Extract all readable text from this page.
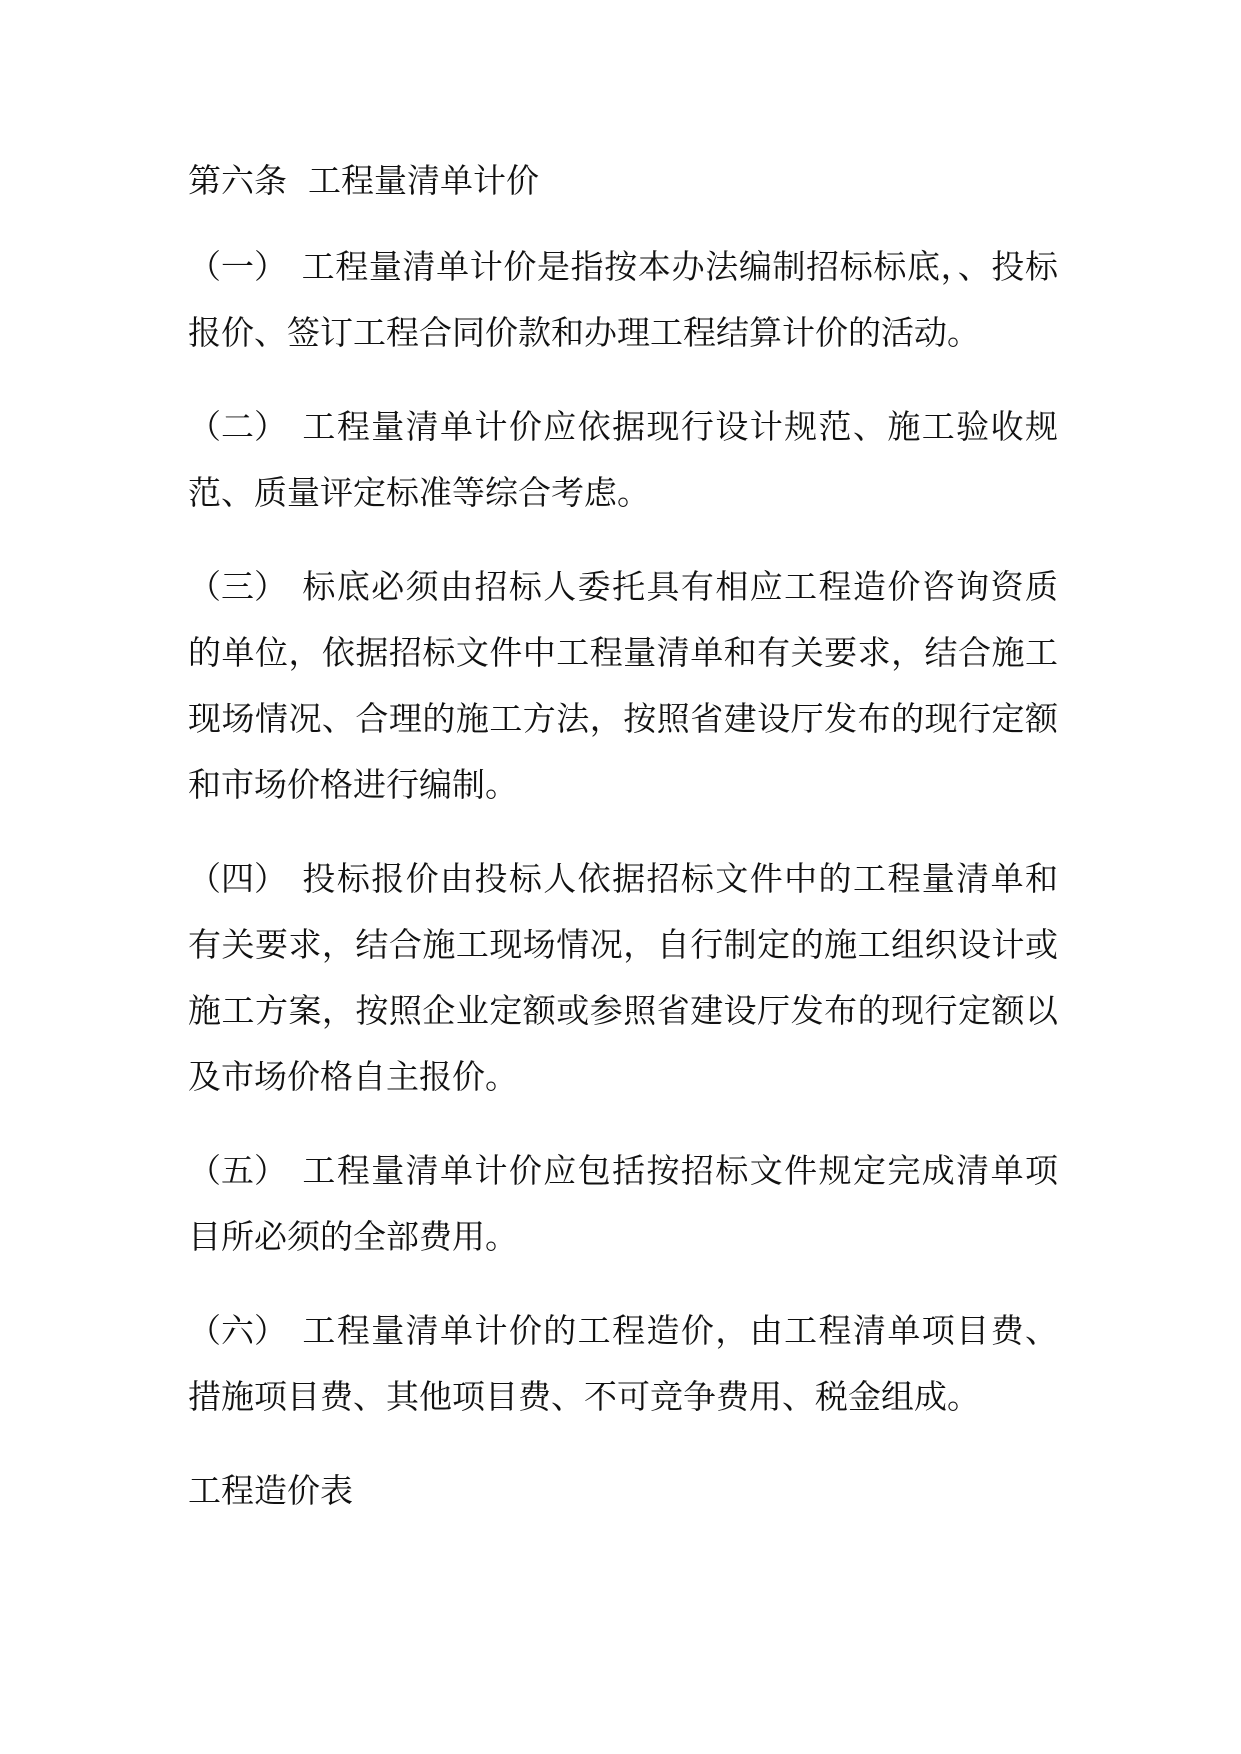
第六条 工程量清单计价

（一） 工程量清单计价是指按本办法编制招标标底，、投标报价、签订工程合同价款和办理工程结算计价的活动。

（二） 工程量清单计价应依据现行设计规范、施工验收规范、质量评定标准等综合考虑。

（三） 标底必须由招标人委托具有相应工程造价咨询资质的单位，依据招标文件中工程量清单和有关要求，结合施工现场情况、合理的施工方法，按照省建设厅发布的现行定额和市场价格进行编制。

（四） 投标报价由投标人依据招标文件中的工程量清单和有关要求，结合施工现场情况，自行制定的施工组织设计或施工方案，按照企业定额或参照省建设厅发布的现行定额以及市场价格自主报价。

（五） 工程量清单计价应包括按招标文件规定完成清单项目所必须的全部费用。

（六） 工程量清单计价的工程造价，由工程清单项目费、措施项目费、其他项目费、不可竞争费用、税金组成。

工程造价表
